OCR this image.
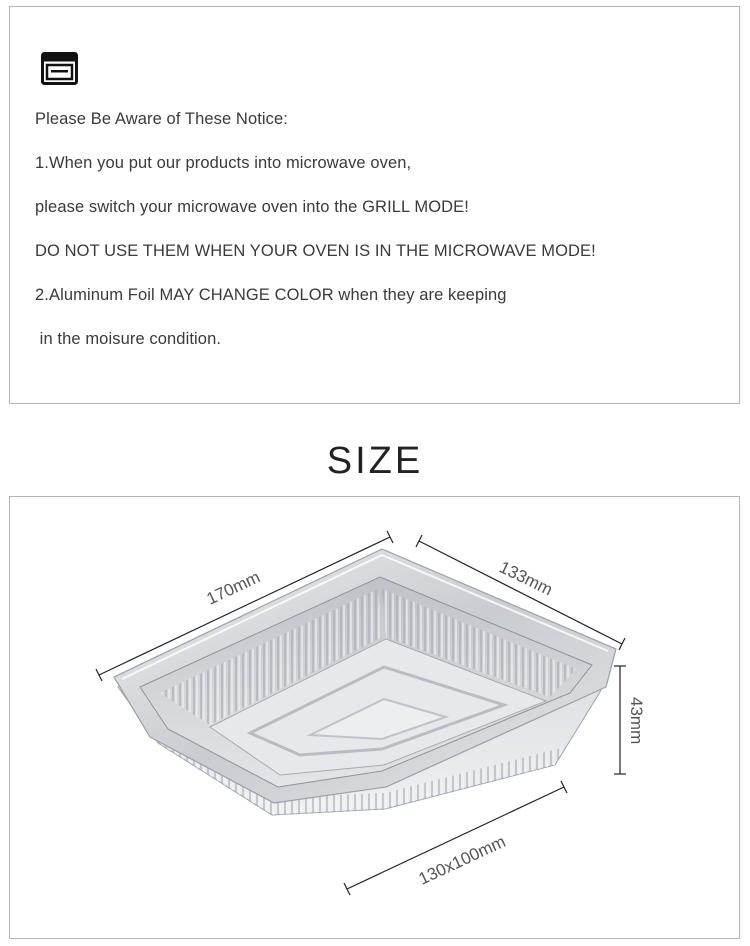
Please Be Aware of These Notice:
1.When you put our products into microwave oven,
please switch your microwave oven into the GRILL MODE!
DO NOT USE THEM WHEN YOUR OVEN IS IN THE MICROWAVE MODE!
2.Aluminum Foil MAY CHANGE COLOR when they are keeping
in the moisure condition.
SIZE
170mm	133mm
43mm
130x100mm
